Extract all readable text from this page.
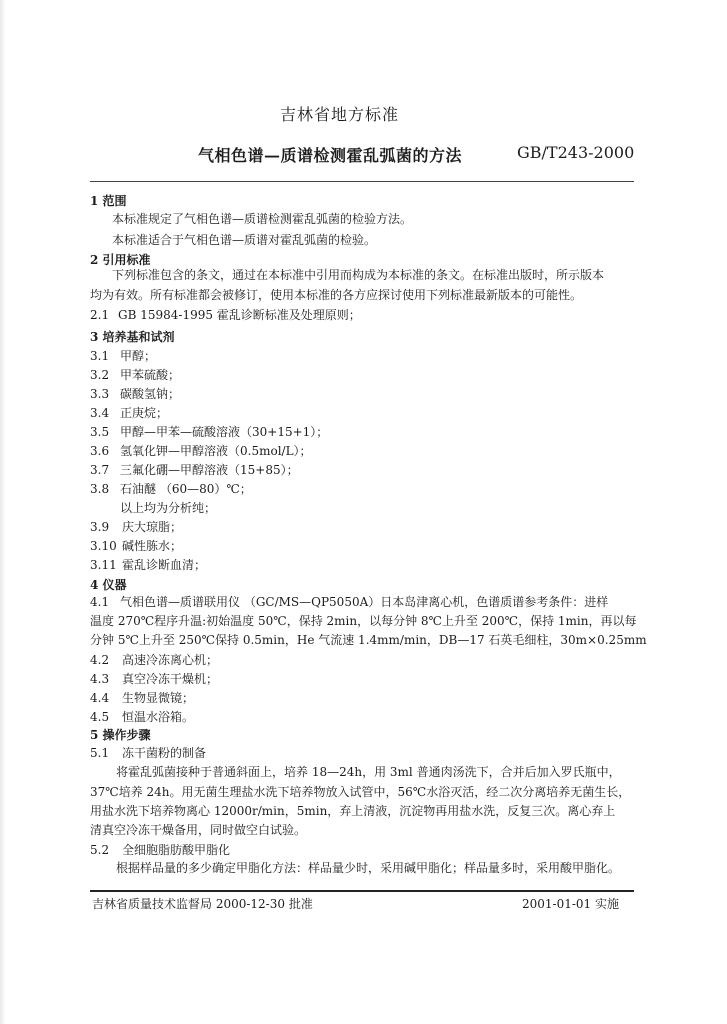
吉林省地方标准
气相色谱—质谱检测霍乱弧菌的方法	GB/T243-2000
1 范围
本标准规定了气相色谱—质谱检测霍乱弧菌的检验方法。
本标准适合于气相色谱—质谱对霍乱弧菌的检验。
2 引用标准
下列标准包含的条文，通过在本标准中引用而构成为本标准的条文。在标准出版时，所示版本
均为有效。所有标准都会被修订，使用本标准的各方应探讨使用下列标准最新版本的可能性。
2.1 GB 15984-1995 霍乱诊断标准及处理原则；
3 培养基和试剂
3.1 甲醇；
3.2 甲苯硫酸；
3.3 碳酸氢钠；
3.4 正庚烷；
3.5 甲醇—甲苯—硫酸溶液（30+15+1）；
3.6 氢氧化钾—甲醇溶液（0.5mol/L）；
3.7 三氟化硼—甲醇溶液（15+85）；
3.8 石油醚 （60—80）℃；
以上均为分析纯；
3.9 庆大琼脂；
3.10 碱性胨水；
3.11 霍乱诊断血清；
4 仪器
4.1 气相色谱—质谱联用仪 （GC/MS—QP5050A）日本岛津离心机，色谱质谱参考条件：进样
温度 270℃程序升温:初始温度 50℃，保持 2min，以每分钟 8℃上升至 200℃，保持 1min，再以每
分钟 5℃上升至 250℃保持 0.5min，He 气流速 1.4mm/min，DB—17 石英毛细柱，30m×0.25mm
4.2 高速冷冻离心机；
4.3 真空冷冻干燥机；
4.4 生物显微镜；
4.5 恒温水浴箱。
5 操作步骤
5.1 冻干菌粉的制备
将霍乱弧菌接种于普通斜面上，培养 18—24h，用 3ml 普通肉汤洗下，合并后加入罗氏瓶中，
37℃培养 24h。用无菌生理盐水洗下培养物放入试管中，56℃水浴灭活，经二次分离培养无菌生长，
用盐水洗下培养物离心 12000r/min，5min，弃上清液，沉淀物再用盐水洗，反复三次。离心弃上
清真空冷冻干燥备用，同时做空白试验。
5.2 全细胞脂肪酸甲脂化
根据样品量的多少确定甲脂化方法：样品量少时，采用碱甲脂化；样品量多时，采用酸甲脂化。
吉林省质量技术监督局 2000-12-30 批准	2001-01-01 实施
